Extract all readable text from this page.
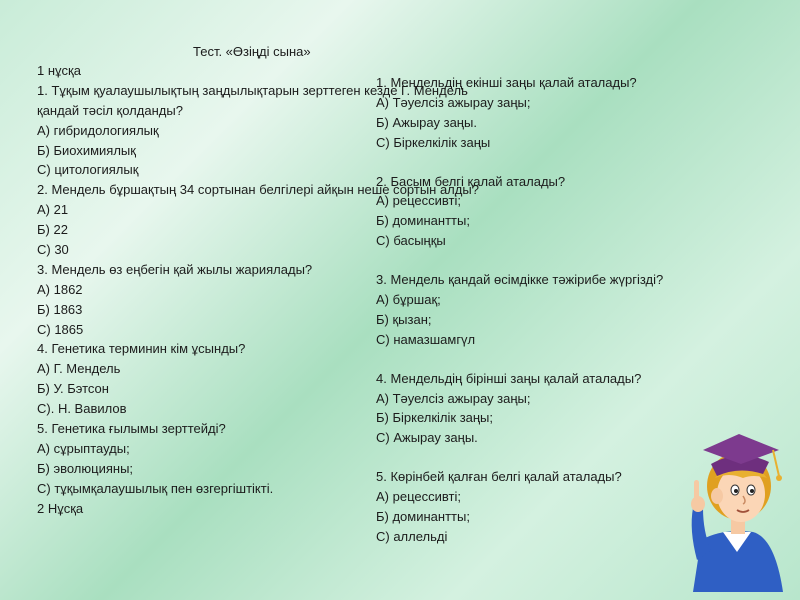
Тест. «Өзіңді сына»
1 нұсқа
1. Тұқым қуалаушылықтың заңдылықтарын зерттеген кезде Г. Мендель
қандай тәсіл қолданды?
А) гибридологиялық
Б) Биохимиялық
С) цитологиялық
2. Мендель бұршақтың 34 сортынан белгілері айқын неше сортын алды?
А) 21
Б) 22
С) 30
3. Мендель өз еңбегін қай жылы жариялады?
А) 1862
Б) 1863
С) 1865
4. Генетика терминин кім ұсынды?
А) Г. Мендель
Б) У. Бэтсон
С). Н. Вавилов
5. Генетика ғылымы зерттейді?
А) сұрыптауды;
Б) эволюцияны;
С) тұқымқалаушылық пен өзгергіштікті.
2 Нұсқа
1. Мендельдің екінші заңы қалай аталады?
А) Тәуелсіз ажырау заңы;
Б) Ажырау заңы.
С) Біркелкілік заңы
2. Басым белгі қалай аталады?
А) рецессивті;
Б) доминантты;
С) басыңқы
3. Мендель қандай өсімдікке тәжірибе жүргізді?
А) бұршақ;
Б) қызан;
С) намазшамгүл
4. Мендельдің бірінші заңы қалай аталады?
А) Тәуелсіз ажырау заңы;
Б) Біркелкілік заңы;
С) Ажырау заңы.
5. Көрінбей қалған белгі қалай аталады?
А) рецессивті;
Б) доминантты;
С) аллельді
